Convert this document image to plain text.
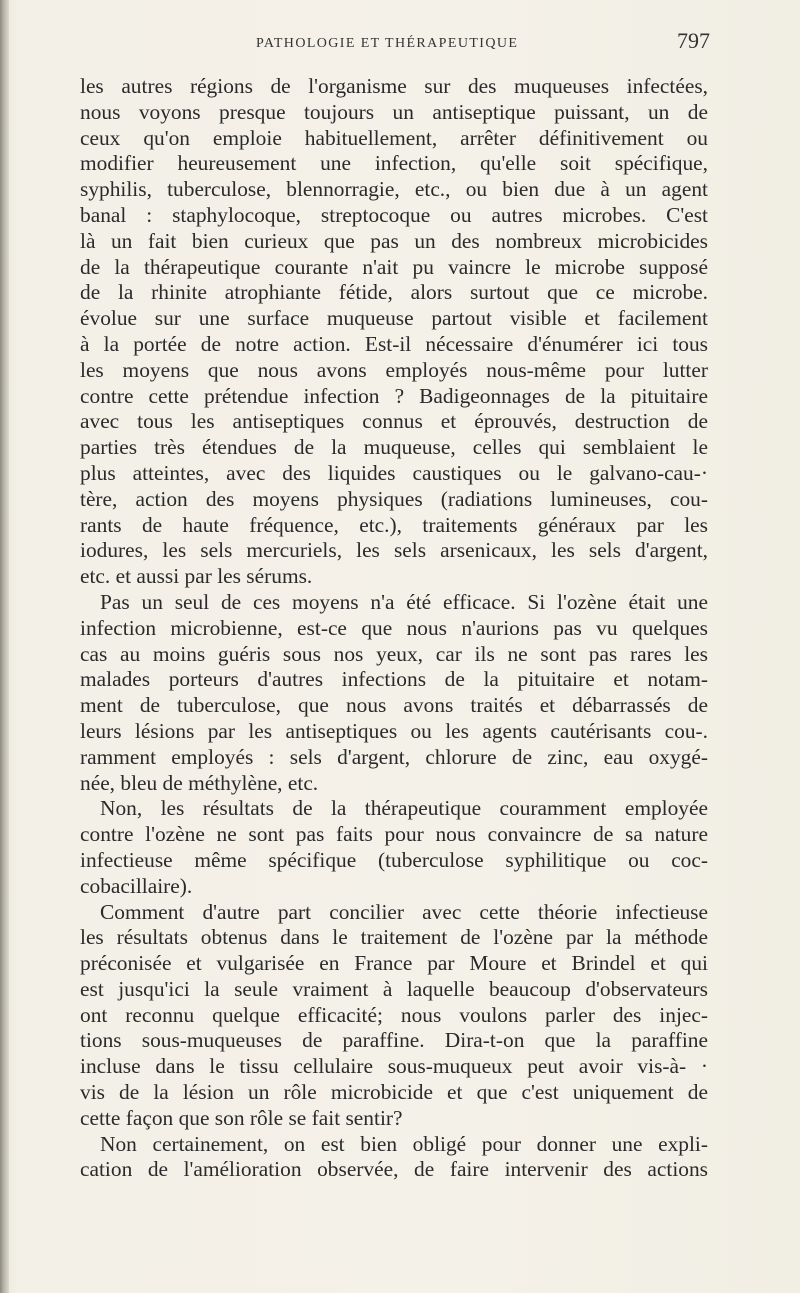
PATHOLOGIE ET THÉRAPEUTIQUE	797
les autres régions de l'organisme sur des muqueuses infectées,
nous voyons presque toujours un antiseptique puissant, un de
ceux qu'on emploie habituellement, arrêter définitivement ou
modifier heureusement une infection, qu'elle soit spécifique,
syphilis, tuberculose, blennorragie, etc., ou bien due à un agent
banal : staphylocoque, streptocoque ou autres microbes. C'est
là un fait bien curieux que pas un des nombreux microbicides
de la thérapeutique courante n'ait pu vaincre le microbe supposé
de la rhinite atrophiante fétide, alors surtout que ce microbe.
évolue sur une surface muqueuse partout visible et facilement
à la portée de notre action. Est-il nécessaire d'énumérer ici tous
les moyens que nous avons employés nous-même pour lutter
contre cette prétendue infection ? Badigeonnages de la pituitaire
avec tous les antiseptiques connus et éprouvés, destruction de
parties très étendues de la muqueuse, celles qui semblaient le
plus atteintes, avec des liquides caustiques ou le galvano-cau-·
tère, action des moyens physiques (radiations lumineuses, cou-
rants de haute fréquence, etc.), traitements généraux par les
iodures, les sels mercuriels, les sels arsenicaux, les sels d'argent,
etc. et aussi par les sérums.
Pas un seul de ces moyens n'a été efficace. Si l'ozène était une
infection microbienne, est-ce que nous n'aurions pas vu quelques
cas au moins guéris sous nos yeux, car ils ne sont pas rares les
malades porteurs d'autres infections de la pituitaire et notam-
ment de tuberculose, que nous avons traités et débarrassés de
leurs lésions par les antiseptiques ou les agents cautérisants cou-.
ramment employés : sels d'argent, chlorure de zinc, eau oxygé-
née, bleu de méthylène, etc.
Non, les résultats de la thérapeutique couramment employée
contre l'ozène ne sont pas faits pour nous convaincre de sa nature
infectieuse même spécifique (tuberculose syphilitique ou coc-
cobacillaire).
Comment d'autre part concilier avec cette théorie infectieuse
les résultats obtenus dans le traitement de l'ozène par la méthode
préconisée et vulgarisée en France par Moure et Brindel et qui
est jusqu'ici la seule vraiment à laquelle beaucoup d'observateurs
ont reconnu quelque efficacité; nous voulons parler des injec-
tions sous-muqueuses de paraffine. Dira-t-on que la paraffine
incluse dans le tissu cellulaire sous-muqueux peut avoir vis-à- ·
vis de la lésion un rôle microbicide et que c'est uniquement de
cette façon que son rôle se fait sentir?
Non certainement, on est bien obligé pour donner une expli-
cation de l'amélioration observée, de faire intervenir des actions
